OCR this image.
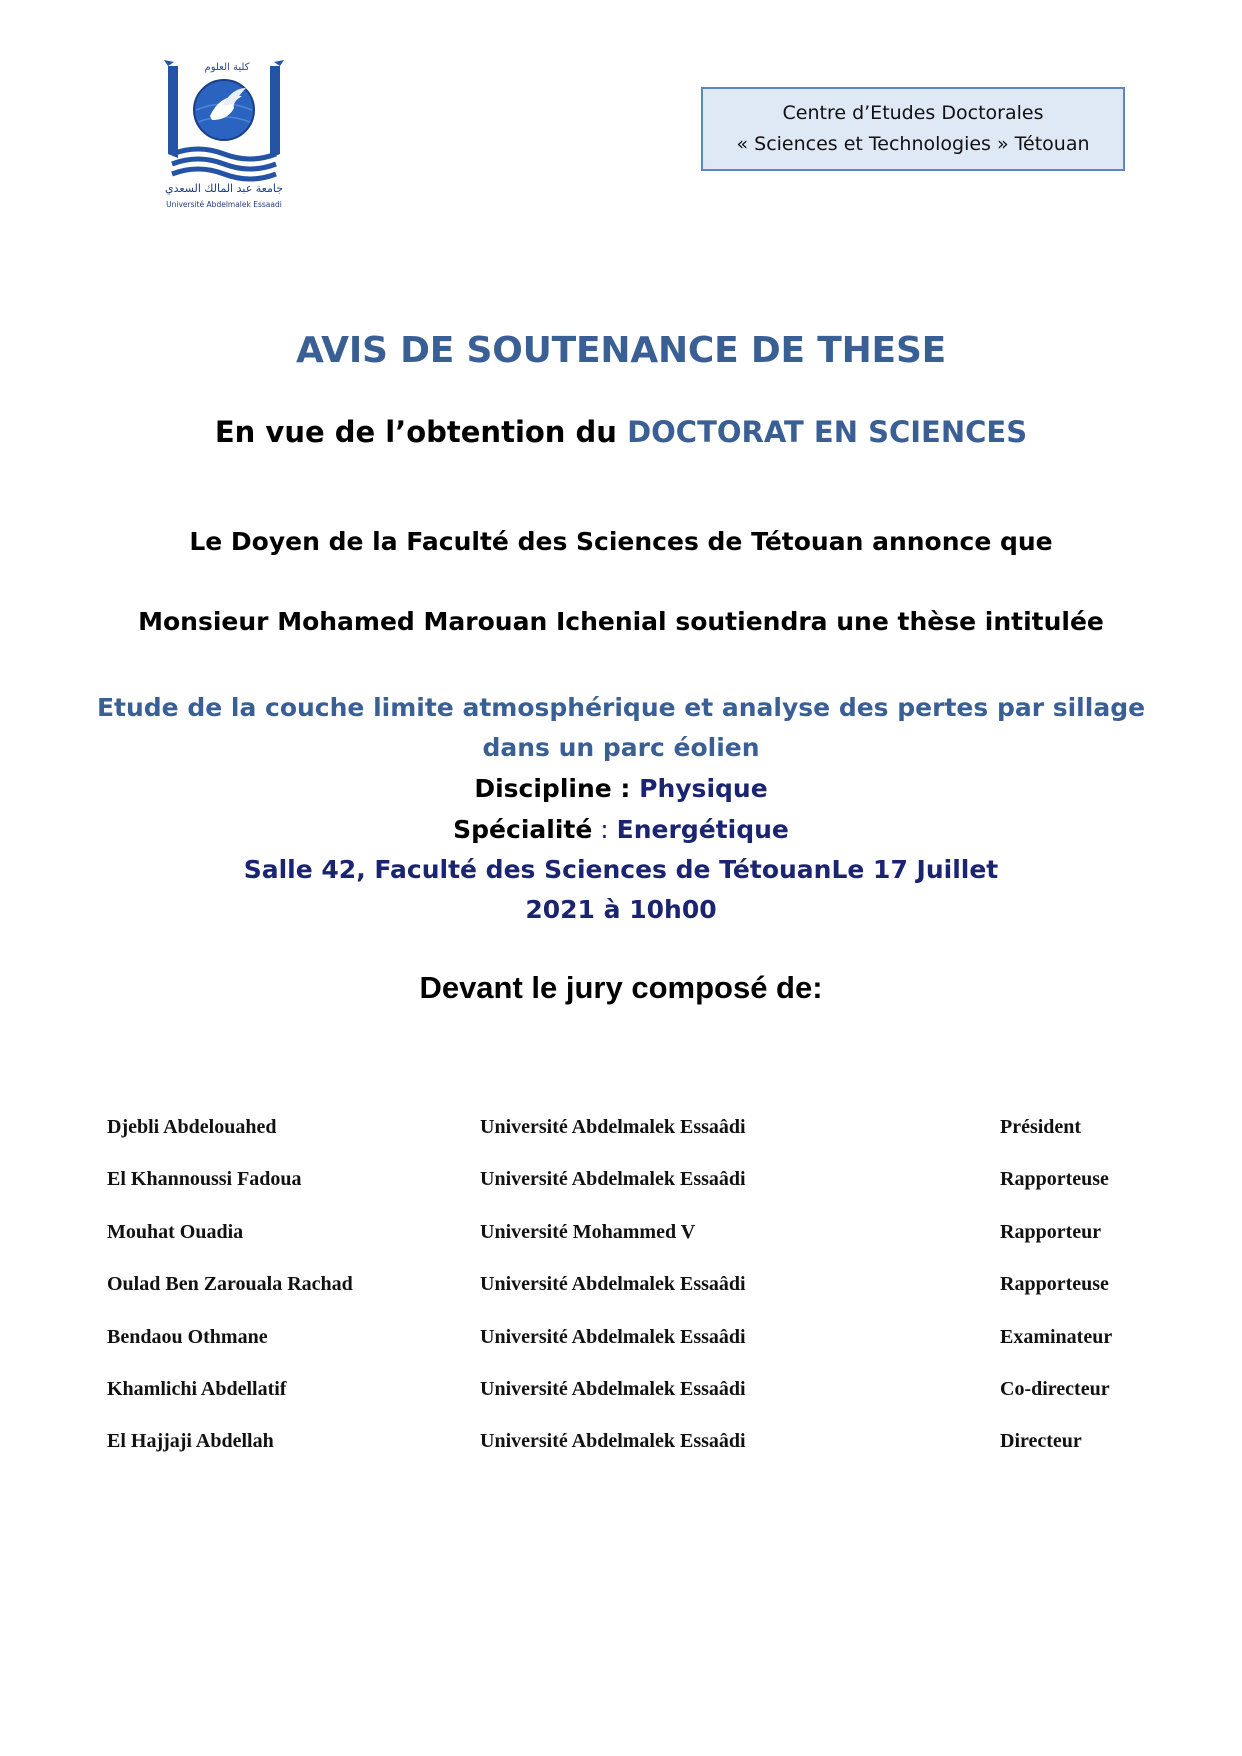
كلية العلوم
جامعة عبد المالك السعدي
Université Abdelmalek Essaadi
Centre d’Etudes Doctorales
« Sciences et Technologies » Tétouan
AVIS DE SOUTENANCE DE THESE
En vue de l’obtention du DOCTORAT EN SCIENCES
Le Doyen de la Faculté des Sciences de Tétouan annonce que
Monsieur Mohamed Marouan Ichenial soutiendra une thèse intitulée
Etude de la couche limite atmosphérique et analyse des pertes par sillage
dans un parc éolien
Discipline : Physique
Spécialité : Energétique
Salle 42, Faculté des Sciences de TétouanLe 17 Juillet
2021 à 10h00
Devant le jury composé de:
Djebli Abdelouahed	Université Abdelmalek Essaâdi	Président
El Khannoussi Fadoua	Université Abdelmalek Essaâdi	Rapporteuse
Mouhat Ouadia	Université Mohammed V	Rapporteur
Oulad Ben Zarouala Rachad	Université Abdelmalek Essaâdi	Rapporteuse
Bendaou Othmane	Université Abdelmalek Essaâdi	Examinateur
Khamlichi Abdellatif	Université Abdelmalek Essaâdi	Co-directeur
El Hajjaji Abdellah	Université Abdelmalek Essaâdi	Directeur
